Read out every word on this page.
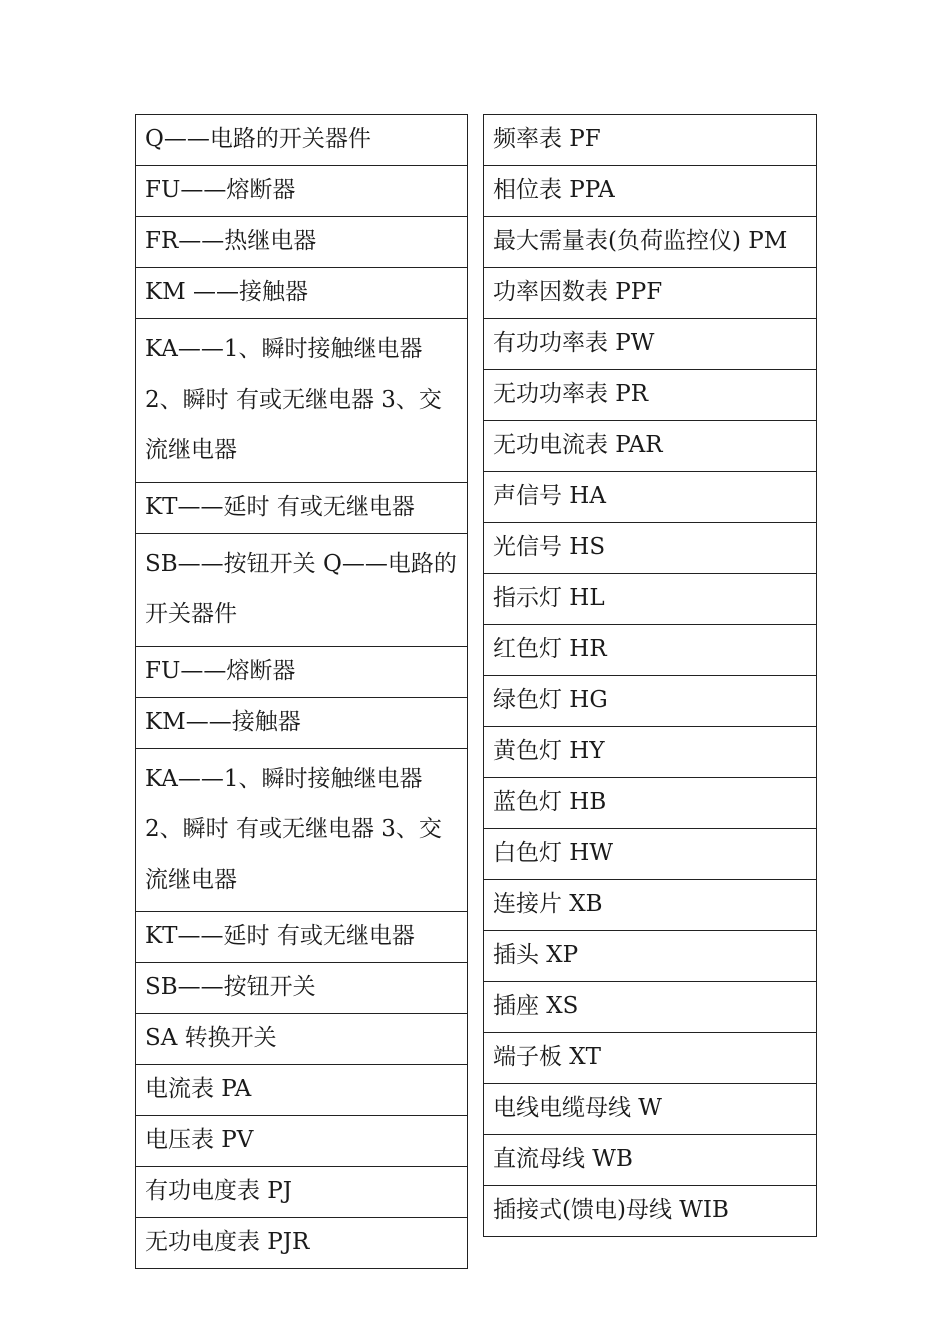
Q——电路的开关器件
FU——熔断器
FR——热继电器
KM ——接触器
KA——1、瞬时接触继电器 2、瞬时 有或无继电器 3、交流继电器
KT——延时 有或无继电器
SB——按钮开关 Q——电路的开关器件
FU——熔断器
KM——接触器
KA——1、瞬时接触继电器 2、瞬时 有或无继电器 3、交流继电器
KT——延时 有或无继电器
SB——按钮开关
SA 转换开关
电流表 PA
电压表 PV
有功电度表 PJ
无功电度表 PJR
频率表 PF
相位表 PPA
最大需量表(负荷监控仪) PM
功率因数表 PPF
有功功率表 PW
无功功率表 PR
无功电流表 PAR
声信号 HA
光信号 HS
指示灯 HL
红色灯 HR
绿色灯 HG
黄色灯 HY
蓝色灯 HB
白色灯 HW
连接片 XB
插头 XP
插座 XS
端子板 XT
电线电缆母线 W
直流母线 WB
插接式(馈电)母线 WIB
